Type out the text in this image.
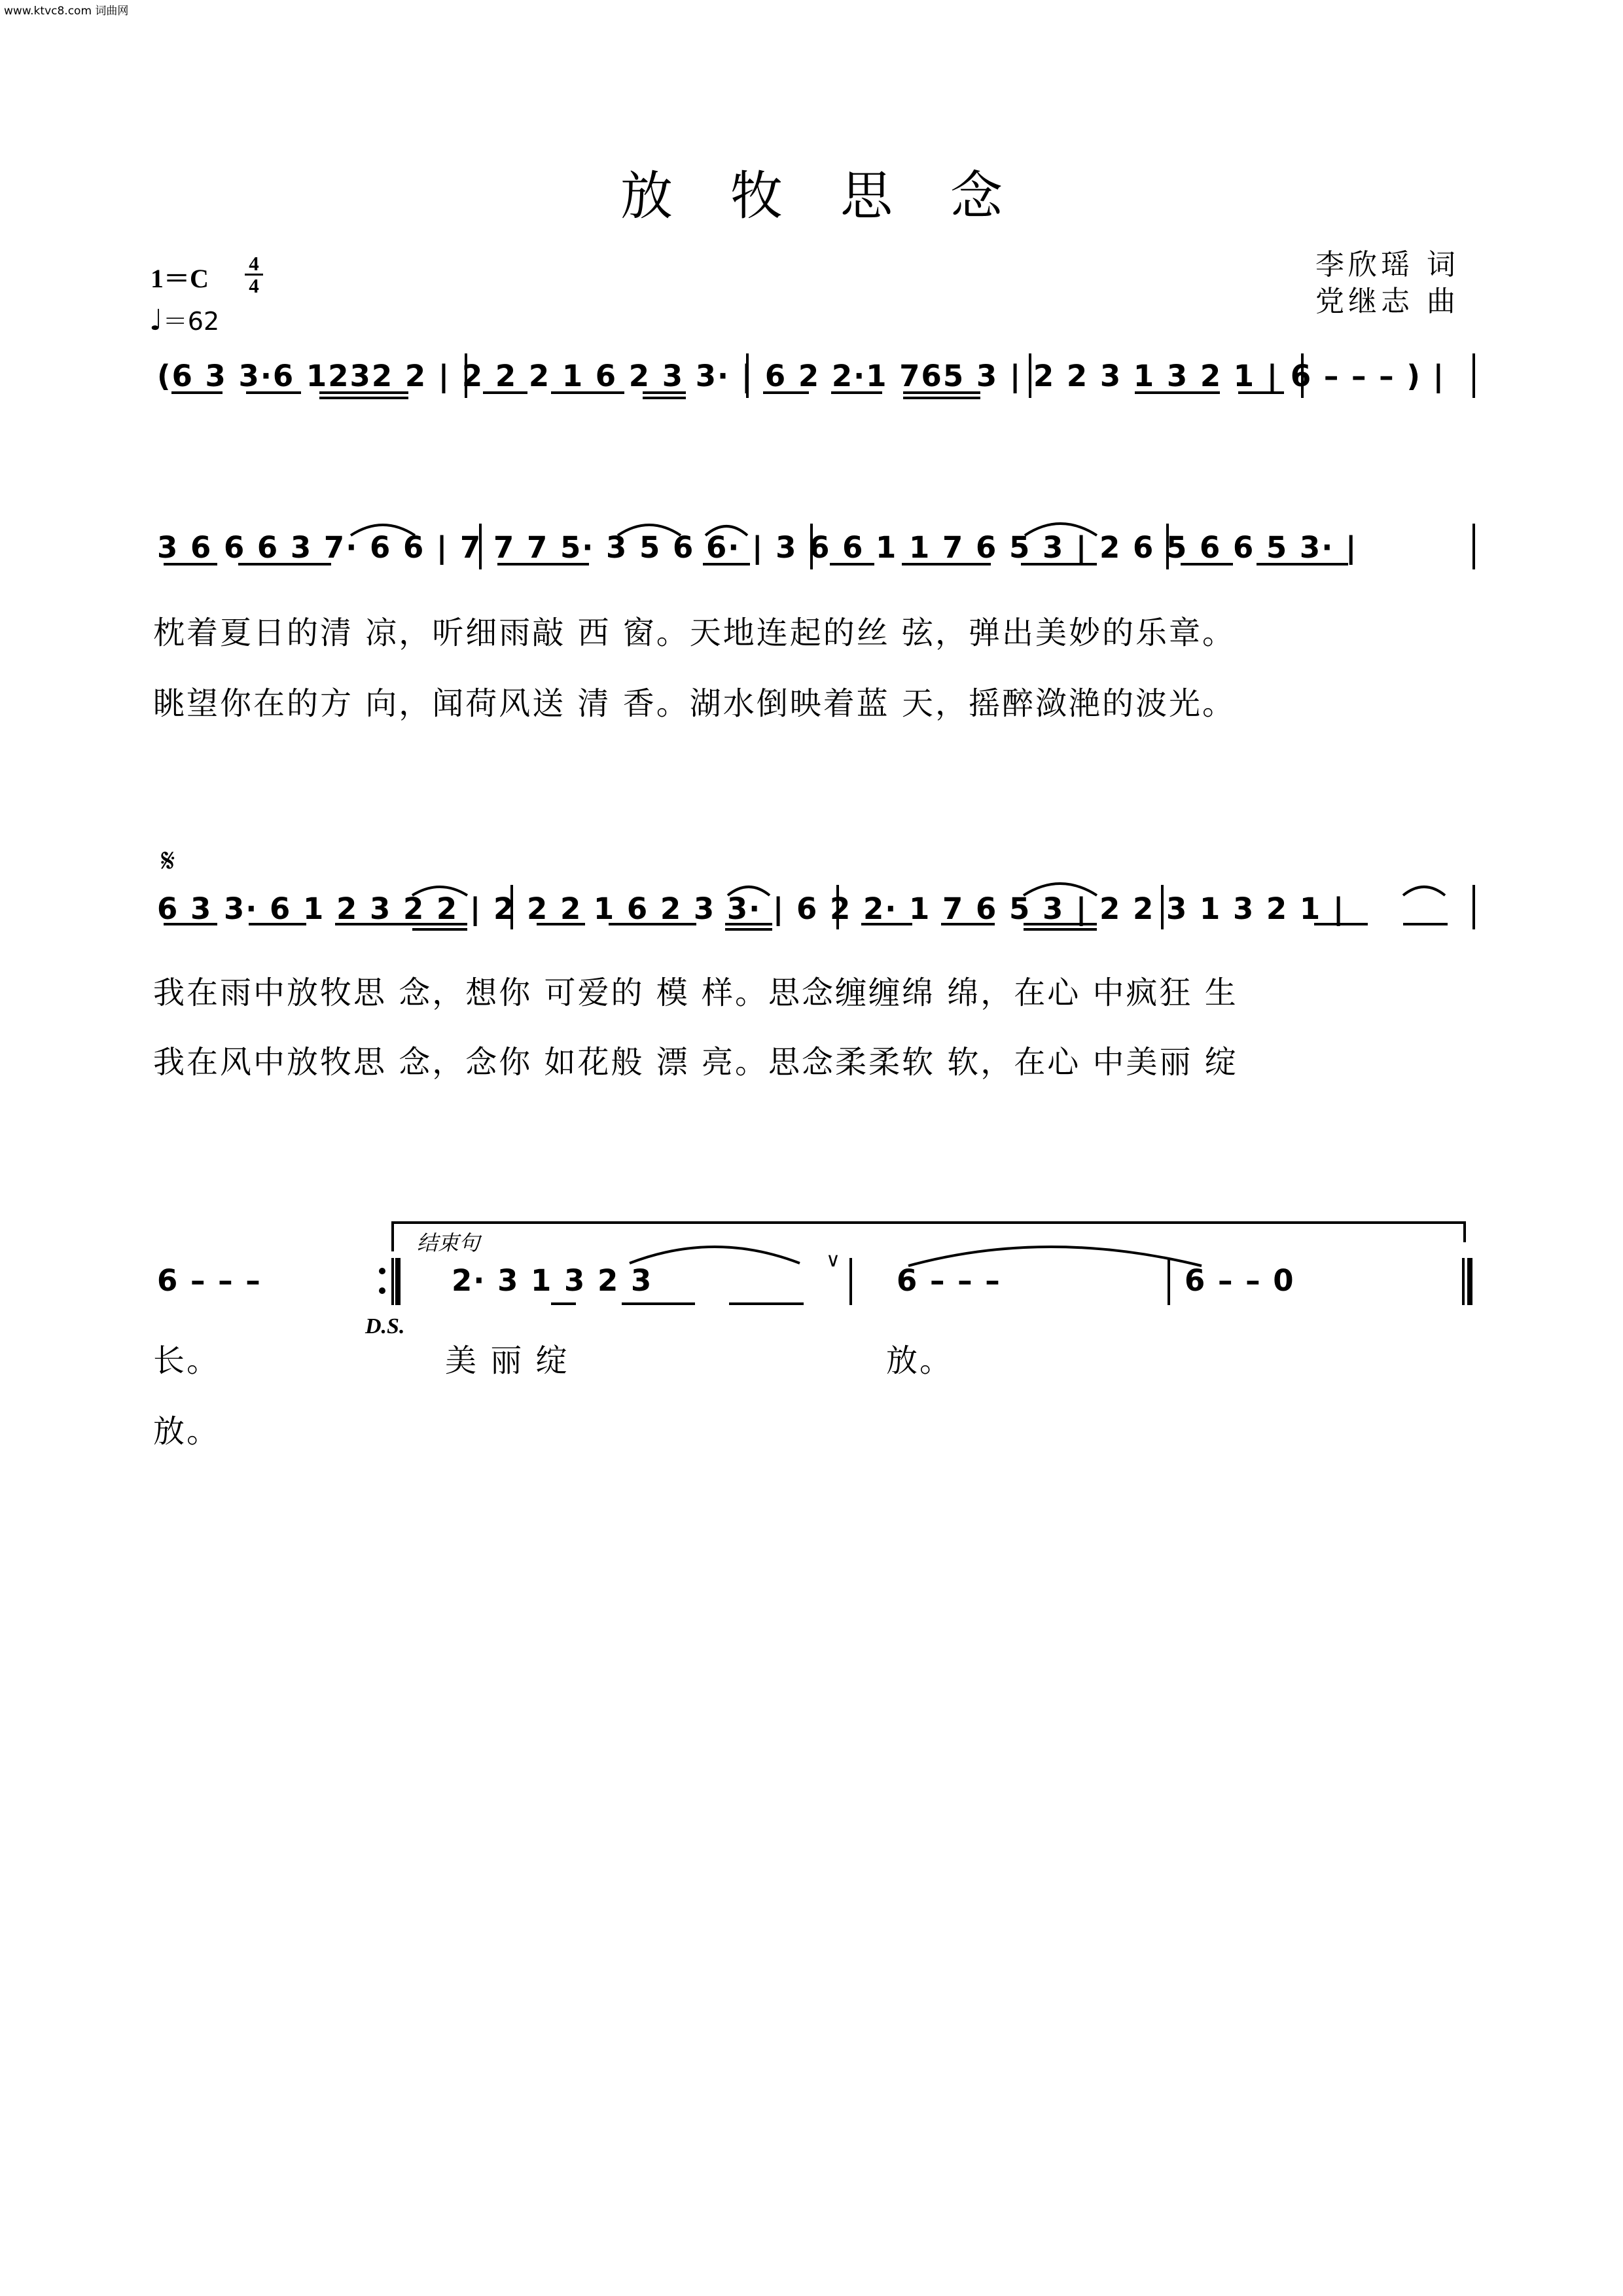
www.ktvc8.com 词曲网
放牧思念
李欣瑶 词
党继志 曲
1＝C
4
4
♩＝62
(6 3 3·6 1232 2 | 2 2 2 1 6 2 3 3· | 6 2 2·1 765 3 | 2 2 3 1 3 2 1 | 6 – – – ) |
3 6 6 6 3 7· 6 6 | 7 7 7 5· 3 5 6 6· | 3 6 6 1 1 7 6 5 3 | 2 6 5 6 6 5 3· |
𝄋
6 3 3· 6 1 2 3 2 2 | 2 2 2 1 6 2 3 3· | 6 2 2· 1 7 6 5 3 | 2 2 3 1 3 2 1 |
6 – – –	2· 3 1 3 2 3	6 – – –	6 – – 0
D.S.
结束句
∨
枕着夏日的清 凉，听细雨敲 西 窗。天地连起的丝 弦，弹出美妙的乐章。
眺望你在的方 向，闻荷风送 清 香。湖水倒映着蓝 天，摇醉潋滟的波光。
我在雨中放牧思 念，想你 可爱的 模 样。思念缠缠绵 绵，在心 中疯狂 生
我在风中放牧思 念，念你 如花般 漂 亮。思念柔柔软 软，在心 中美丽 绽
长。	美 丽 绽	放。
放。
